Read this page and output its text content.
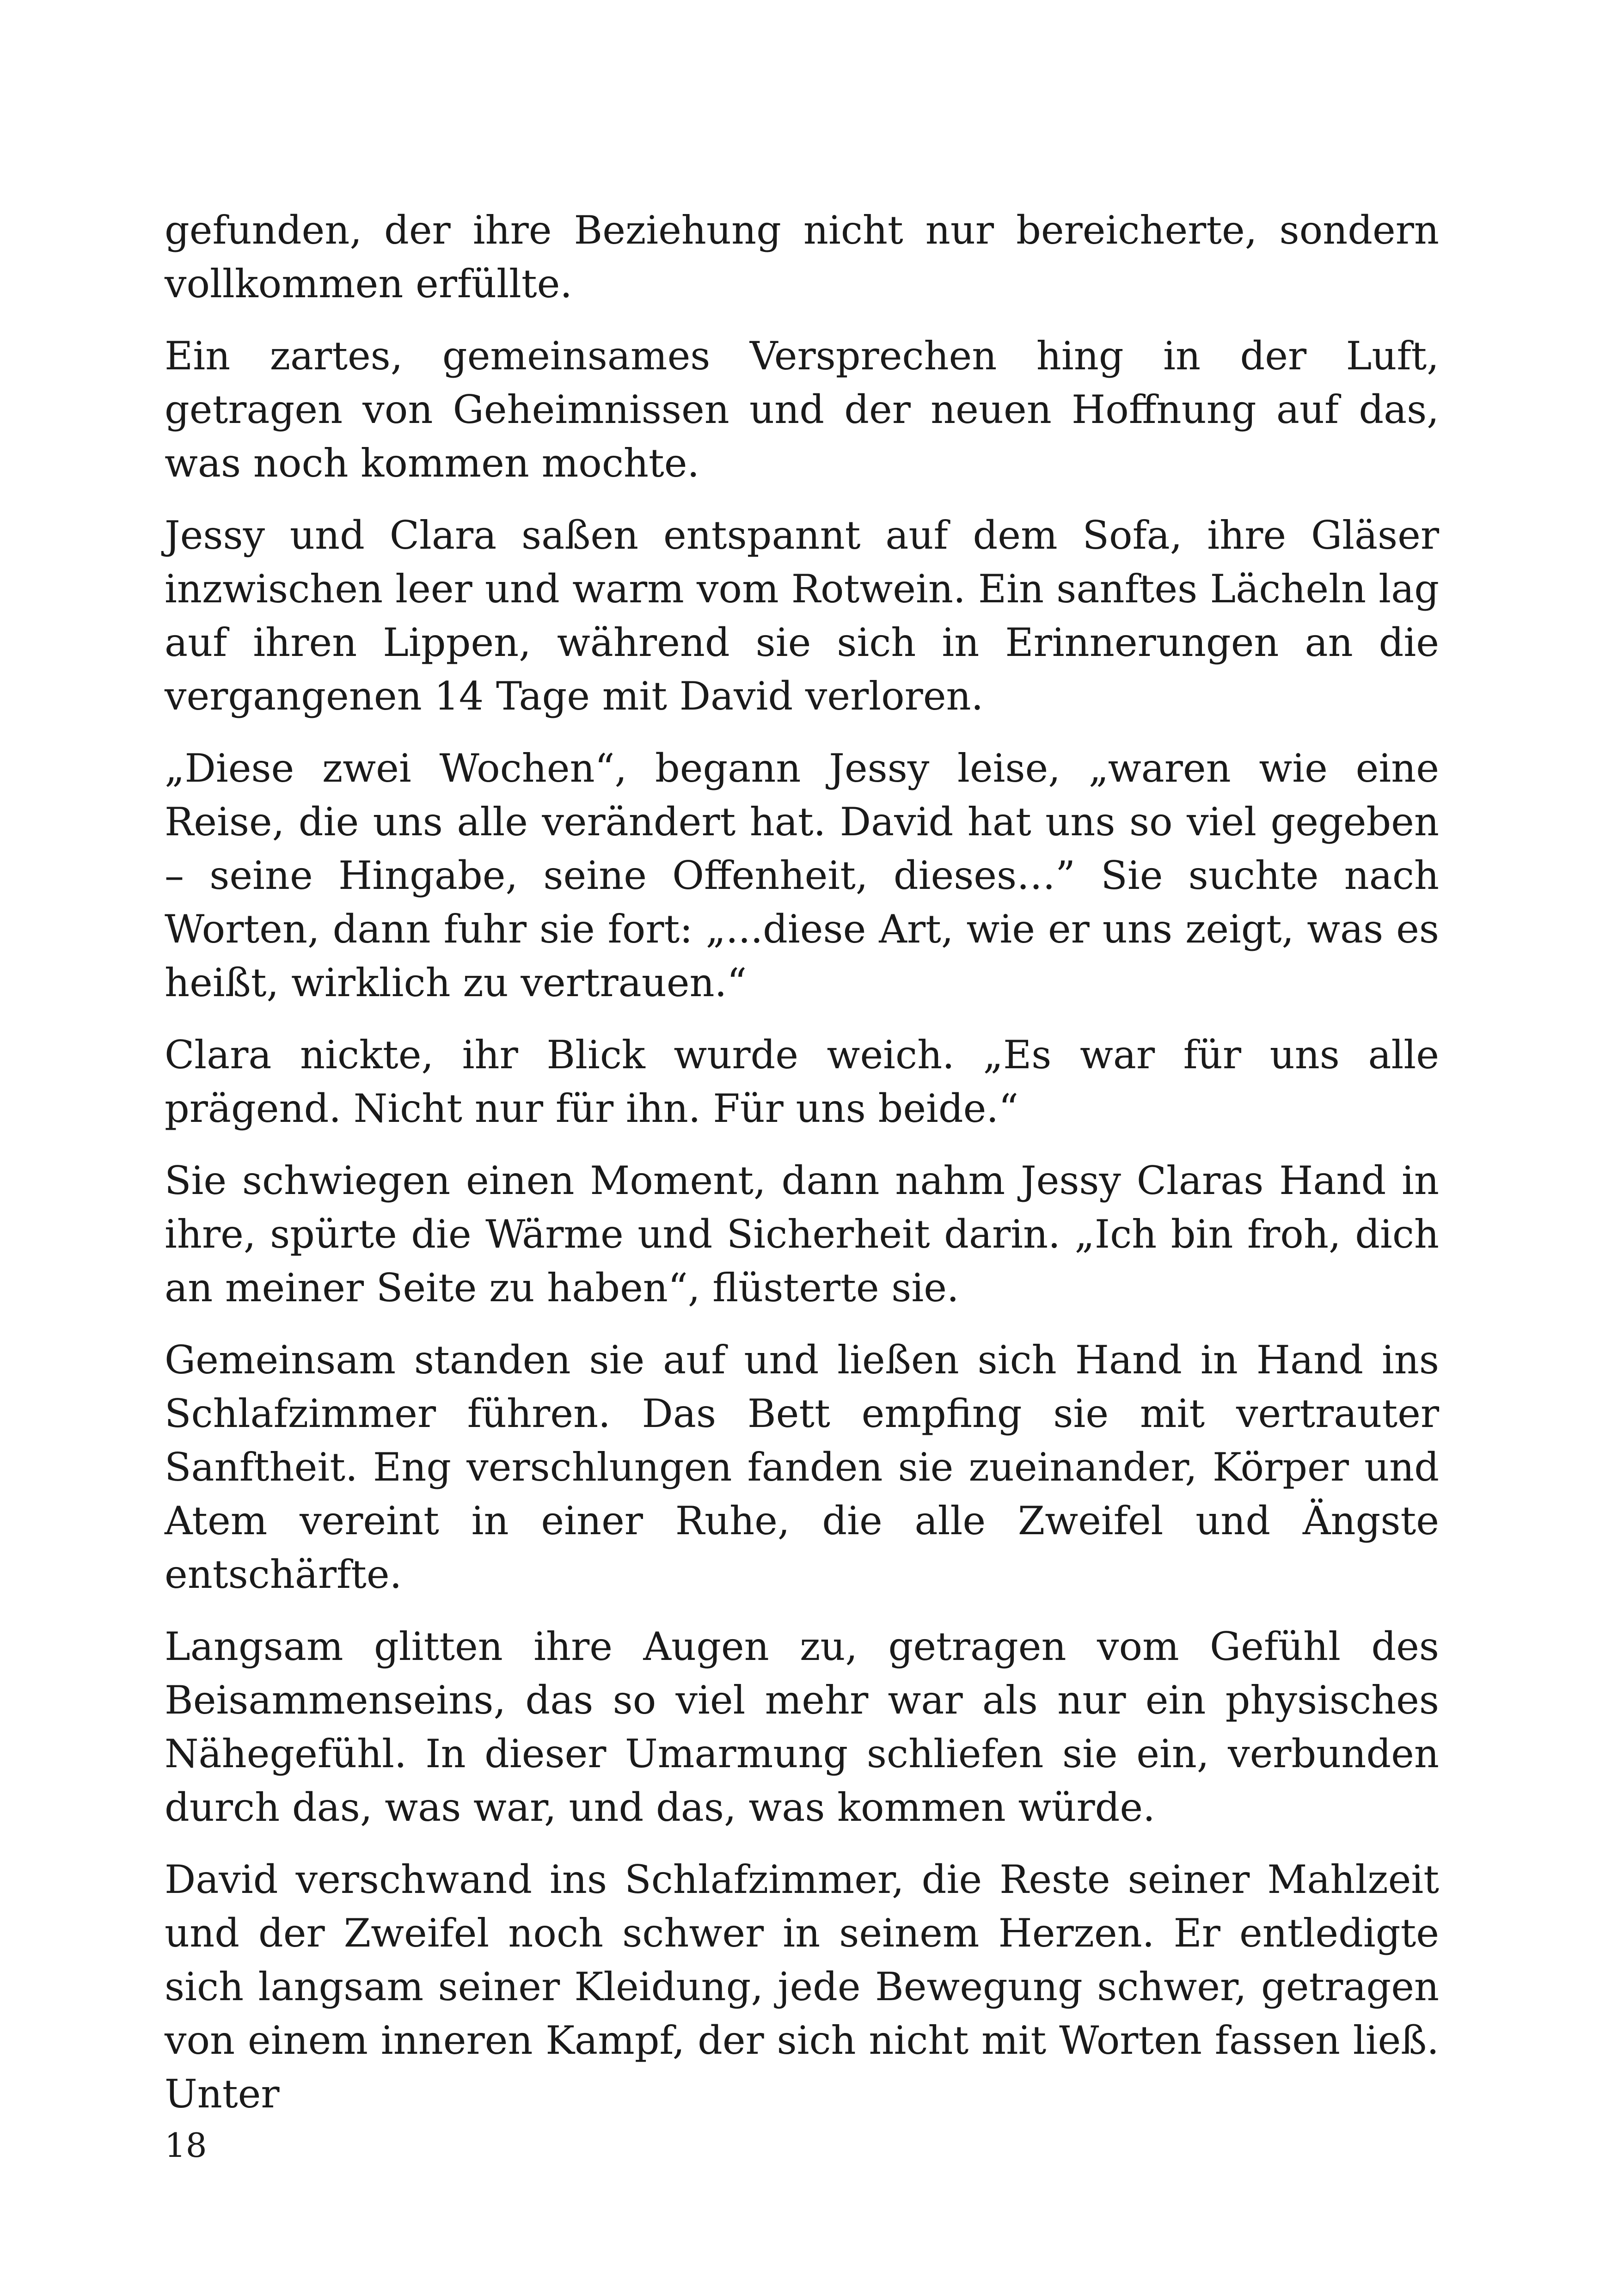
gefunden, der ihre Beziehung nicht nur bereicherte, sondern vollkommen erfüllte.

Ein zartes, gemeinsames Versprechen hing in der Luft, getragen von Geheimnissen und der neuen Hoffnung auf das, was noch kommen mochte.

Jessy und Clara saßen entspannt auf dem Sofa, ihre Gläser inzwischen leer und warm vom Rotwein. Ein sanftes Lächeln lag auf ihren Lippen, während sie sich in Erinnerungen an die vergangenen 14 Tage mit David verloren.

„Diese zwei Wochen“, begann Jessy leise, „waren wie eine Reise, die uns alle verändert hat. David hat uns so viel gegeben – seine Hingabe, seine Offenheit, dieses…” Sie suchte nach Worten, dann fuhr sie fort: „...diese Art, wie er uns zeigt, was es heißt, wirklich zu vertrauen.“

Clara nickte, ihr Blick wurde weich. „Es war für uns alle prägend. Nicht nur für ihn. Für uns beide.“

Sie schwiegen einen Moment, dann nahm Jessy Claras Hand in ihre, spürte die Wärme und Sicherheit darin. „Ich bin froh, dich an meiner Seite zu haben“, flüsterte sie.

Gemeinsam standen sie auf und ließen sich Hand in Hand ins Schlafzimmer führen. Das Bett empfing sie mit vertrauter Sanftheit. Eng verschlungen fanden sie zueinander, Körper und Atem vereint in einer Ruhe, die alle Zweifel und Ängste entschärfte.

Langsam glitten ihre Augen zu, getragen vom Gefühl des Beisammenseins, das so viel mehr war als nur ein physisches Nähegefühl. In dieser Umarmung schliefen sie ein, verbunden durch das, was war, und das, was kommen würde.

David verschwand ins Schlafzimmer, die Reste seiner Mahlzeit und der Zweifel noch schwer in seinem Herzen. Er entledigte sich langsam seiner Kleidung, jede Bewegung schwer, getragen von einem inneren Kampf, der sich nicht mit Worten fassen ließ. Unter

18
